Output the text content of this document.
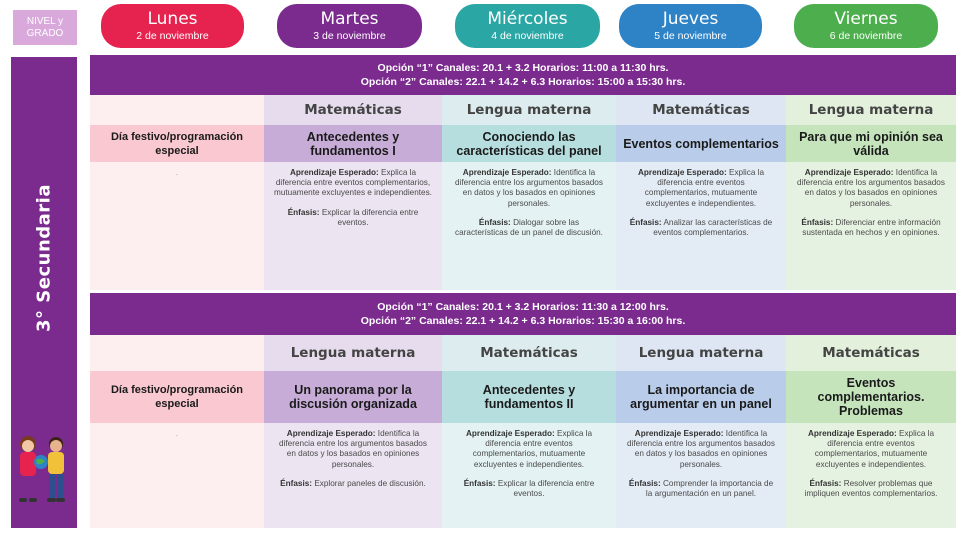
NIVEL y
GRADO
Lunes
2 de noviembre
Martes
3 de noviembre
Miércoles
4 de noviembre
Jueves
5 de noviembre
Viernes
6 de noviembre
3° Secundaria
Opción “1” Canales: 20.1 + 3.2 Horarios: 11:00 a 11:30 hrs.
Opción “2” Canales: 22.1 + 14.2 + 6.3 Horarios: 15:00 a 15:30 hrs.
Día festivo/programación especial
.
Matemáticas
Antecedentes y fundamentos I

Aprendizaje Esperado: Explica la diferencia entre eventos complementarios, mutuamente excluyentes e independientes.

Énfasis: Explicar la diferencia entre eventos.

Lengua materna
Conociendo las características del panel

Aprendizaje Esperado: Identifica la diferencia entre los argumentos basados en datos y los basados en opiniones personales.

Énfasis: Dialogar sobre las características de un panel de discusión.

Matemáticas
Eventos complementarios

Aprendizaje Esperado: Explica la diferencia entre eventos complementarios, mutuamente excluyentes e independientes.

Énfasis: Analizar las características de eventos complementarios.

Lengua materna
Para que mi opinión sea válida

Aprendizaje Esperado: Identifica la diferencia entre los argumentos basados en datos y los basados en opiniones personales.

Énfasis: Diferenciar entre información sustentada en hechos y en opiniones.

Opción “1” Canales: 20.1 + 3.2 Horarios: 11:30 a 12:00 hrs.
Opción “2” Canales: 22.1 + 14.2 + 6.3 Horarios: 15:30 a 16:00 hrs.
Día festivo/programación especial
.
Lengua materna
Un panorama por la discusión organizada

Aprendizaje Esperado: Identifica la diferencia entre los argumentos basados en datos y los basados en opiniones personales.

Énfasis: Explorar paneles de discusión.

Matemáticas
Antecedentes y fundamentos II

Aprendizaje Esperado: Explica la diferencia entre eventos complementarios, mutuamente excluyentes e independientes.

Énfasis: Explicar la diferencia entre eventos.

Lengua materna
La importancia de argumentar en un panel

Aprendizaje Esperado: Identifica la diferencia entre los argumentos basados en datos y los basados en opiniones personales.

Énfasis: Comprender la importancia de la argumentación en un panel.

Matemáticas
Eventos complementarios. Problemas

Aprendizaje Esperado: Explica la diferencia entre eventos complementarios, mutuamente excluyentes e independientes.

Énfasis: Resolver problemas que impliquen eventos complementarios.
